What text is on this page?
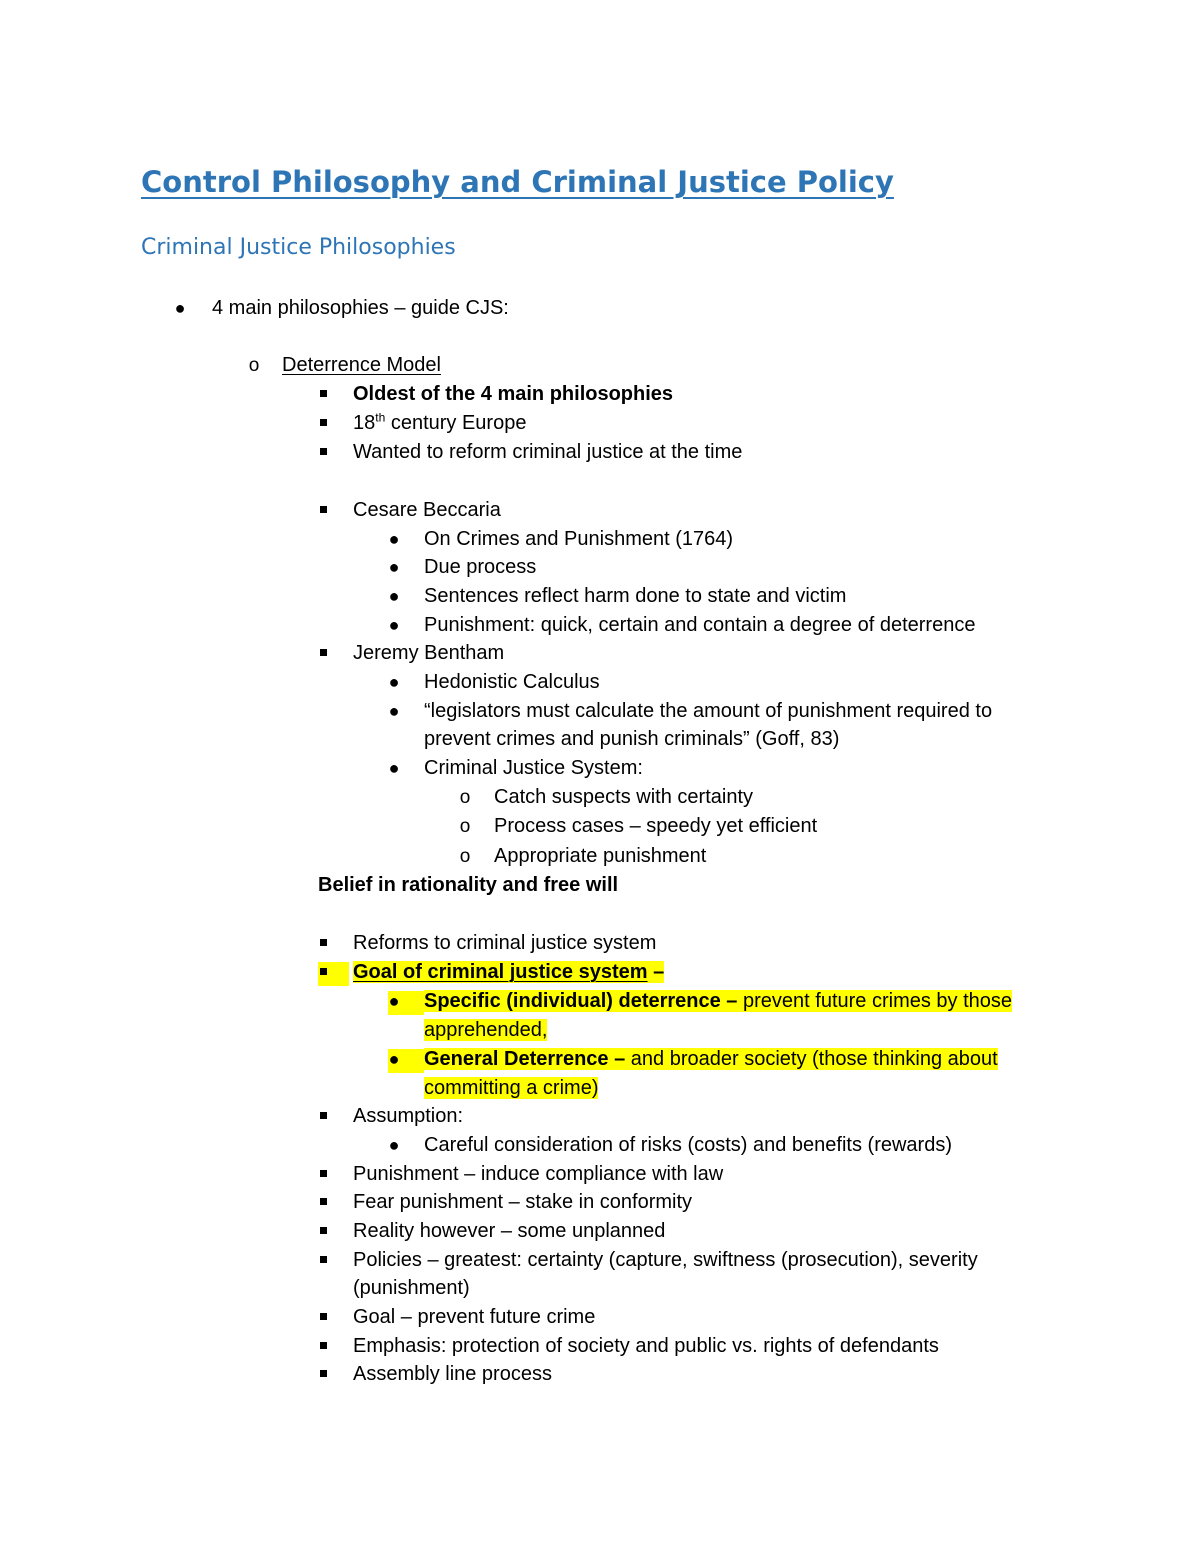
Control Philosophy and Criminal Justice Policy
Criminal Justice Philosophies
● 4 main philosophies – guide CJS:
o Deterrence Model
Oldest of the 4 main philosophies
18th century Europe
Wanted to reform criminal justice at the time
Cesare Beccaria
● On Crimes and Punishment (1764)
● Due process
● Sentences reflect harm done to state and victim
● Punishment: quick, certain and contain a degree of deterrence
Jeremy Bentham
● Hedonistic Calculus
● “legislators must calculate the amount of punishment required to
prevent crimes and punish criminals” (Goff, 83)
● Criminal Justice System:
o Catch suspects with certainty
o Process cases – speedy yet efficient
o Appropriate punishment
Belief in rationality and free will
Reforms to criminal justice system
Goal of criminal justice system –
● Specific (individual) deterrence – prevent future crimes by those
apprehended,
● General Deterrence – and broader society (those thinking about
committing a crime)
Assumption:
● Careful consideration of risks (costs) and benefits (rewards)
Punishment – induce compliance with law
Fear punishment – stake in conformity
Reality however – some unplanned
Policies – greatest: certainty (capture, swiftness (prosecution), severity
(punishment)
Goal – prevent future crime
Emphasis: protection of society and public vs. rights of defendants
Assembly line process
